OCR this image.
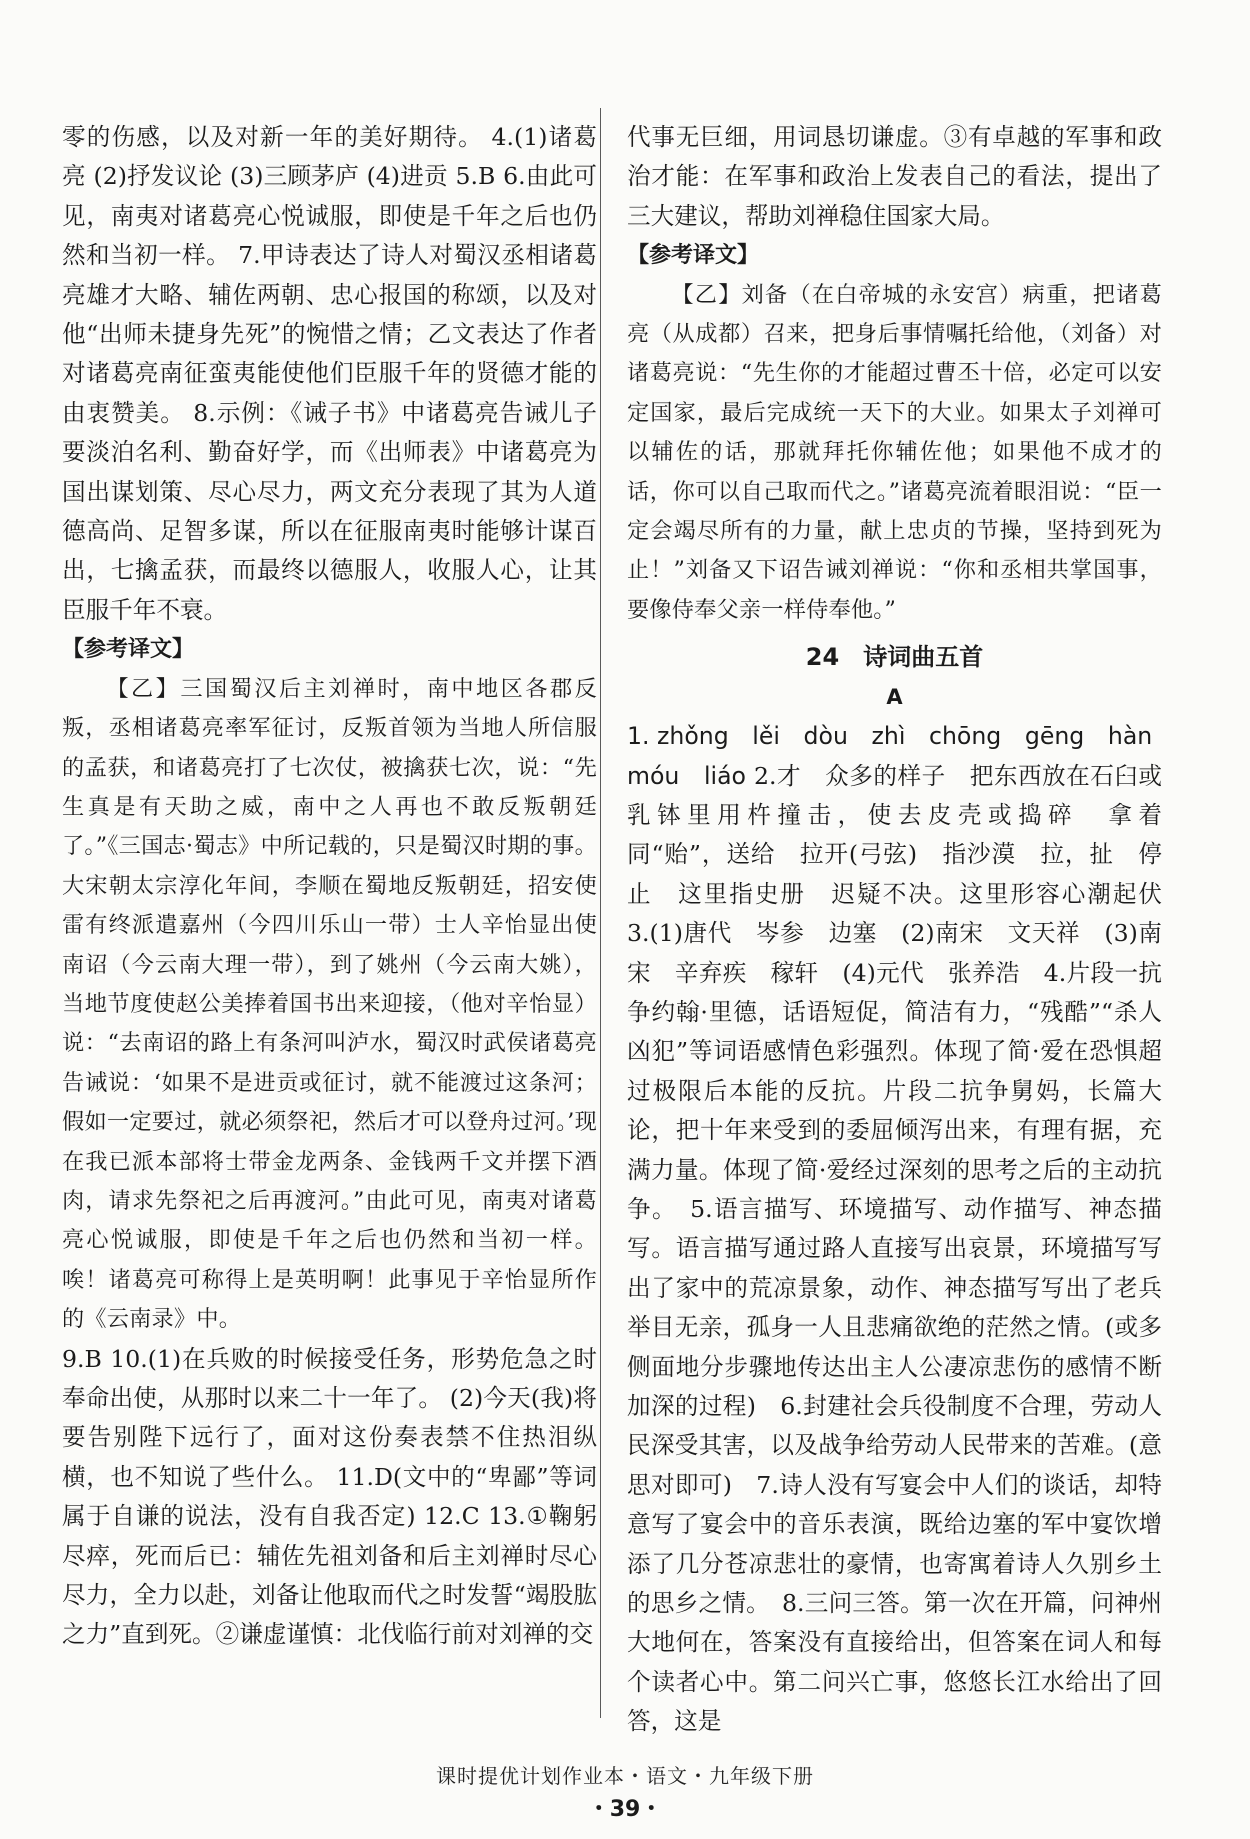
零的伤感，以及对新一年的美好期待。 4.(1)诸葛亮 (2)抒发议论 (3)三顾茅庐 (4)进贡 5.B 6.由此可见，南夷对诸葛亮心悦诚服，即使是千年之后也仍然和当初一样。 7.甲诗表达了诗人对蜀汉丞相诸葛亮雄才大略、辅佐两朝、忠心报国的称颂，以及对他“出师未捷身先死”的惋惜之情；乙文表达了作者对诸葛亮南征蛮夷能使他们臣服千年的贤德才能的由衷赞美。 8.示例：《诫子书》中诸葛亮告诫儿子要淡泊名利、勤奋好学，而《出师表》中诸葛亮为国出谋划策、尽心尽力，两文充分表现了其为人道德高尚、足智多谋，所以在征服南夷时能够计谋百出，七擒孟获，而最终以德服人，收服人心，让其臣服千年不衰。

【参考译文】

【乙】三国蜀汉后主刘禅时，南中地区各郡反叛，丞相诸葛亮率军征讨，反叛首领为当地人所信服的孟获，和诸葛亮打了七次仗，被擒获七次，说：“先生真是有天助之威，南中之人再也不敢反叛朝廷了。”《三国志·蜀志》中所记载的，只是蜀汉时期的事。大宋朝太宗淳化年间，李顺在蜀地反叛朝廷，招安使雷有终派遣嘉州（今四川乐山一带）士人辛怡显出使南诏（今云南大理一带），到了姚州（今云南大姚），当地节度使赵公美捧着国书出来迎接，（他对辛怡显）说：“去南诏的路上有条河叫泸水，蜀汉时武侯诸葛亮告诫说：‘如果不是进贡或征讨，就不能渡过这条河；假如一定要过，就必须祭祀，然后才可以登舟过河。’现在我已派本部将士带金龙两条、金钱两千文并摆下酒肉，请求先祭祀之后再渡河。”由此可见，南夷对诸葛亮心悦诚服，即使是千年之后也仍然和当初一样。唉！诸葛亮可称得上是英明啊！此事见于辛怡显所作的《云南录》中。

9.B 10.(1)在兵败的时候接受任务，形势危急之时奉命出使，从那时以来二十一年了。 (2)今天(我)将要告别陛下远行了，面对这份奏表禁不住热泪纵横，也不知说了些什么。 11.D(文中的“卑鄙”等词属于自谦的说法，没有自我否定) 12.C 13.①鞠躬尽瘁，死而后已：辅佐先祖刘备和后主刘禅时尽心尽力，全力以赴，刘备让他取而代之时发誓“竭股肱之力”直到死。②谦虚谨慎：北伐临行前对刘禅的交

代事无巨细，用词恳切谦虚。③有卓越的军事和政治才能：在军事和政治上发表自己的看法，提出了三大建议，帮助刘禅稳住国家大局。

【参考译文】

【乙】刘备（在白帝城的永安宫）病重，把诸葛亮（从成都）召来，把身后事情嘱托给他，（刘备）对诸葛亮说：“先生你的才能超过曹丕十倍，必定可以安定国家，最后完成统一天下的大业。如果太子刘禅可以辅佐的话，那就拜托你辅佐他；如果他不成才的话，你可以自己取而代之。”诸葛亮流着眼泪说：“臣一定会竭尽所有的力量，献上忠贞的节操，坚持到死为止！”刘备又下诏告诫刘禅说：“你和丞相共掌国事，要像侍奉父亲一样侍奉他。”

24　诗词曲五首

A

1. zhǒng　lěi　dòu　zhì　chōng　gēng　hàn

móu　liáo 2.才　众多的样子　把东西放在石臼或乳钵里用杵撞击，使去皮壳或捣碎　拿着　同“贻”，送给　拉开(弓弦)　指沙漠　拉，扯　停止　这里指史册　迟疑不决。这里形容心潮起伏　3.(1)唐代　岑参　边塞　(2)南宋　文天祥　(3)南宋　辛弃疾　稼轩　(4)元代　张养浩　4.片段一抗争约翰·里德，话语短促，简洁有力，“残酷”“杀人凶犯”等词语感情色彩强烈。体现了简·爱在恐惧超过极限后本能的反抗。片段二抗争舅妈，长篇大论，把十年来受到的委屈倾泻出来，有理有据，充满力量。体现了简·爱经过深刻的思考之后的主动抗争。　5.语言描写、环境描写、动作描写、神态描写。语言描写通过路人直接写出哀景，环境描写写出了家中的荒凉景象，动作、神态描写写出了老兵举目无亲，孤身一人且悲痛欲绝的茫然之情。(或多侧面地分步骤地传达出主人公凄凉悲伤的感情不断加深的过程)　6.封建社会兵役制度不合理，劳动人民深受其害，以及战争给劳动人民带来的苦难。(意思对即可)　7.诗人没有写宴会中人们的谈话，却特意写了宴会中的音乐表演，既给边塞的军中宴饮增添了几分苍凉悲壮的豪情，也寄寓着诗人久别乡土的思乡之情。　8.三问三答。第一次在开篇，问神州大地何在，答案没有直接给出，但答案在词人和每个读者心中。第二问兴亡事，悠悠长江水给出了回答，这是

课时提优计划作业本・语文・九年级下册
・39・
